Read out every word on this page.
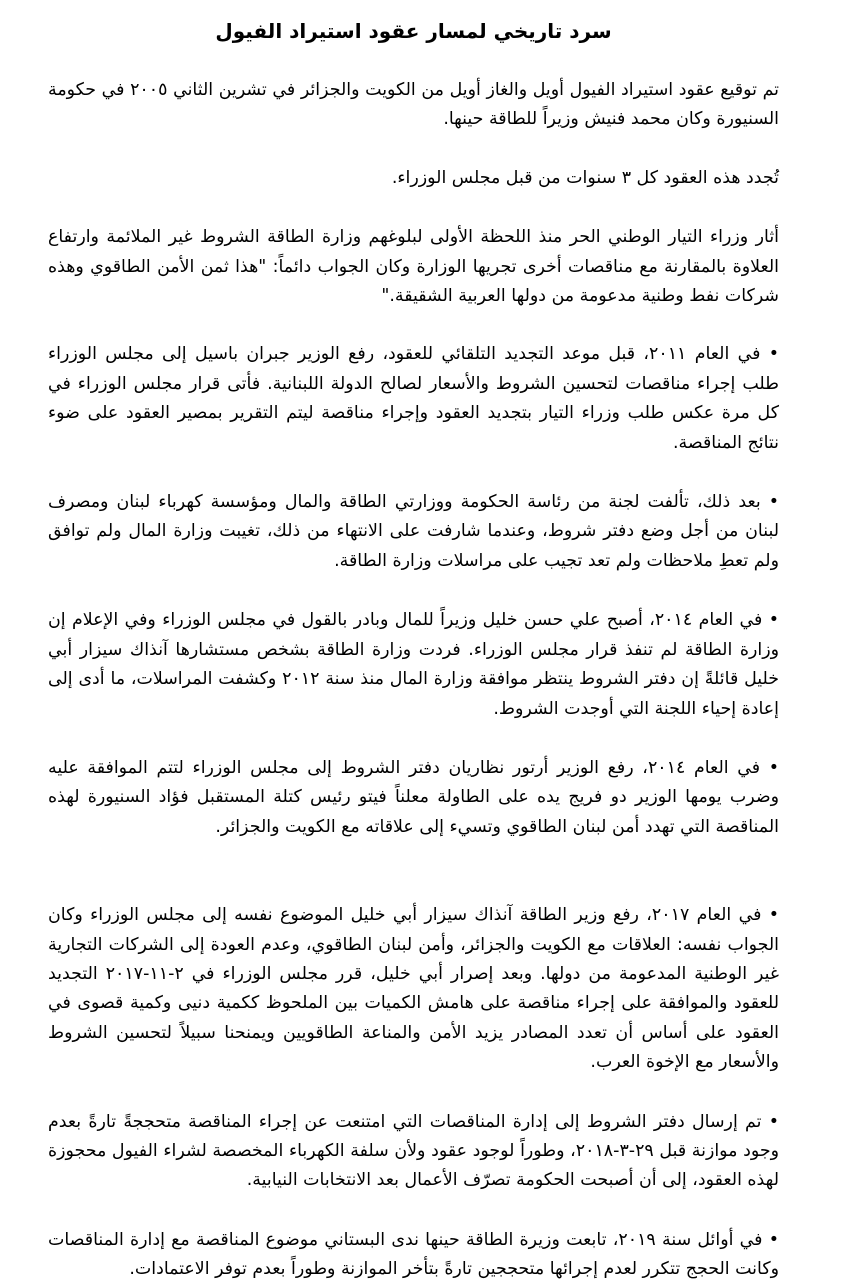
سرد تاريخي لمسار عقود استيراد الفيول

تم توقيع عقود استيراد الفيول أويل والغاز أويل من الكويت والجزائر في تشرين الثاني ٢٠٠٥ في حكومة السنيورة وكان محمد فنيش وزيراً للطاقة حينها.

تُجدد هذه العقود كل ٣ سنوات من قبل مجلس الوزراء.

أثار وزراء التيار الوطني الحر منذ اللحظة الأولى لبلوغهم وزارة الطاقة الشروط غير الملائمة وارتفاع العلاوة بالمقارنة مع مناقصات أخرى تجريها الوزارة وكان الجواب دائماً: "هذا ثمن الأمن الطاقوي وهذه شركات نفط وطنية مدعومة من دولها العربية الشقيقة."

• في العام ٢٠١١، قبل موعد التجديد التلقائي للعقود، رفع الوزير جبران باسيل إلى مجلس الوزراء طلب إجراء مناقصات لتحسين الشروط والأسعار لصالح الدولة اللبنانية. فأتى قرار مجلس الوزراء في كل مرة عكس طلب وزراء التيار بتجديد العقود وإجراء مناقصة ليتم التقرير بمصير العقود على ضوء نتائج المناقصة.

• بعد ذلك، تألفت لجنة من رئاسة الحكومة ووزارتي الطاقة والمال ومؤسسة كهرباء لبنان ومصرف لبنان من أجل وضع دفتر شروط، وعندما شارفت على الانتهاء من ذلك، تغيبت وزارة المال ولم توافق ولم تعطِ ملاحظات ولم تعد تجيب على مراسلات وزارة الطاقة.

• في العام ٢٠١٤، أصبح علي حسن خليل وزيراً للمال وبادر بالقول في مجلس الوزراء وفي الإعلام إن وزارة الطاقة لم تنفذ قرار مجلس الوزراء. فردت وزارة الطاقة بشخص مستشارها آنذاك سيزار أبي خليل قائلةً إن دفتر الشروط ينتظر موافقة وزارة المال منذ سنة ٢٠١٢ وكشفت المراسلات، ما أدى إلى إعادة إحياء اللجنة التي أوجدت الشروط.

• في العام ٢٠١٤، رفع الوزير أرتور نظاريان دفتر الشروط إلى مجلس الوزراء لتتم الموافقة عليه وضرب يومها الوزير دو فريج يده على الطاولة معلناً فيتو رئيس كتلة المستقبل فؤاد السنيورة لهذه المناقصة التي تهدد أمن لبنان الطاقوي وتسيء إلى علاقاته مع الكويت والجزائر.

• في العام ٢٠١٧، رفع وزير الطاقة آنذاك سيزار أبي خليل الموضوع نفسه إلى مجلس الوزراء وكان الجواب نفسه: العلاقات مع الكويت والجزائر، وأمن لبنان الطاقوي، وعدم العودة إلى الشركات التجارية غير الوطنية المدعومة من دولها. وبعد إصرار أبي خليل، قرر مجلس الوزراء في ٢-١١-٢٠١٧ التجديد للعقود والموافقة على إجراء مناقصة على هامش الكميات بين الملحوظ ككمية دنيى وكمية قصوى في العقود على أساس أن تعدد المصادر يزيد الأمن والمناعة الطاقويين ويمنحنا سبيلاً لتحسين الشروط والأسعار مع الإخوة العرب.

• تم إرسال دفتر الشروط إلى إدارة المناقصات التي امتنعت عن إجراء المناقصة متحججةً تارةً بعدم وجود موازنة قبل ٢٩-٣-٢٠١٨، وطوراً لوجود عقود ولأن سلفة الكهرباء المخصصة لشراء الفيول محجوزة لهذه العقود، إلى أن أصبحت الحكومة تصرّف الأعمال بعد الانتخابات النيابية.

• في أوائل سنة ٢٠١٩، تابعت وزيرة الطاقة حينها ندى البستاني موضوع المناقصة مع إدارة المناقصات وكانت الحجج تتكرر لعدم إجرائها متحججين تارةً بتأخر الموازنة وطوراً بعدم توفر الاعتمادات.
